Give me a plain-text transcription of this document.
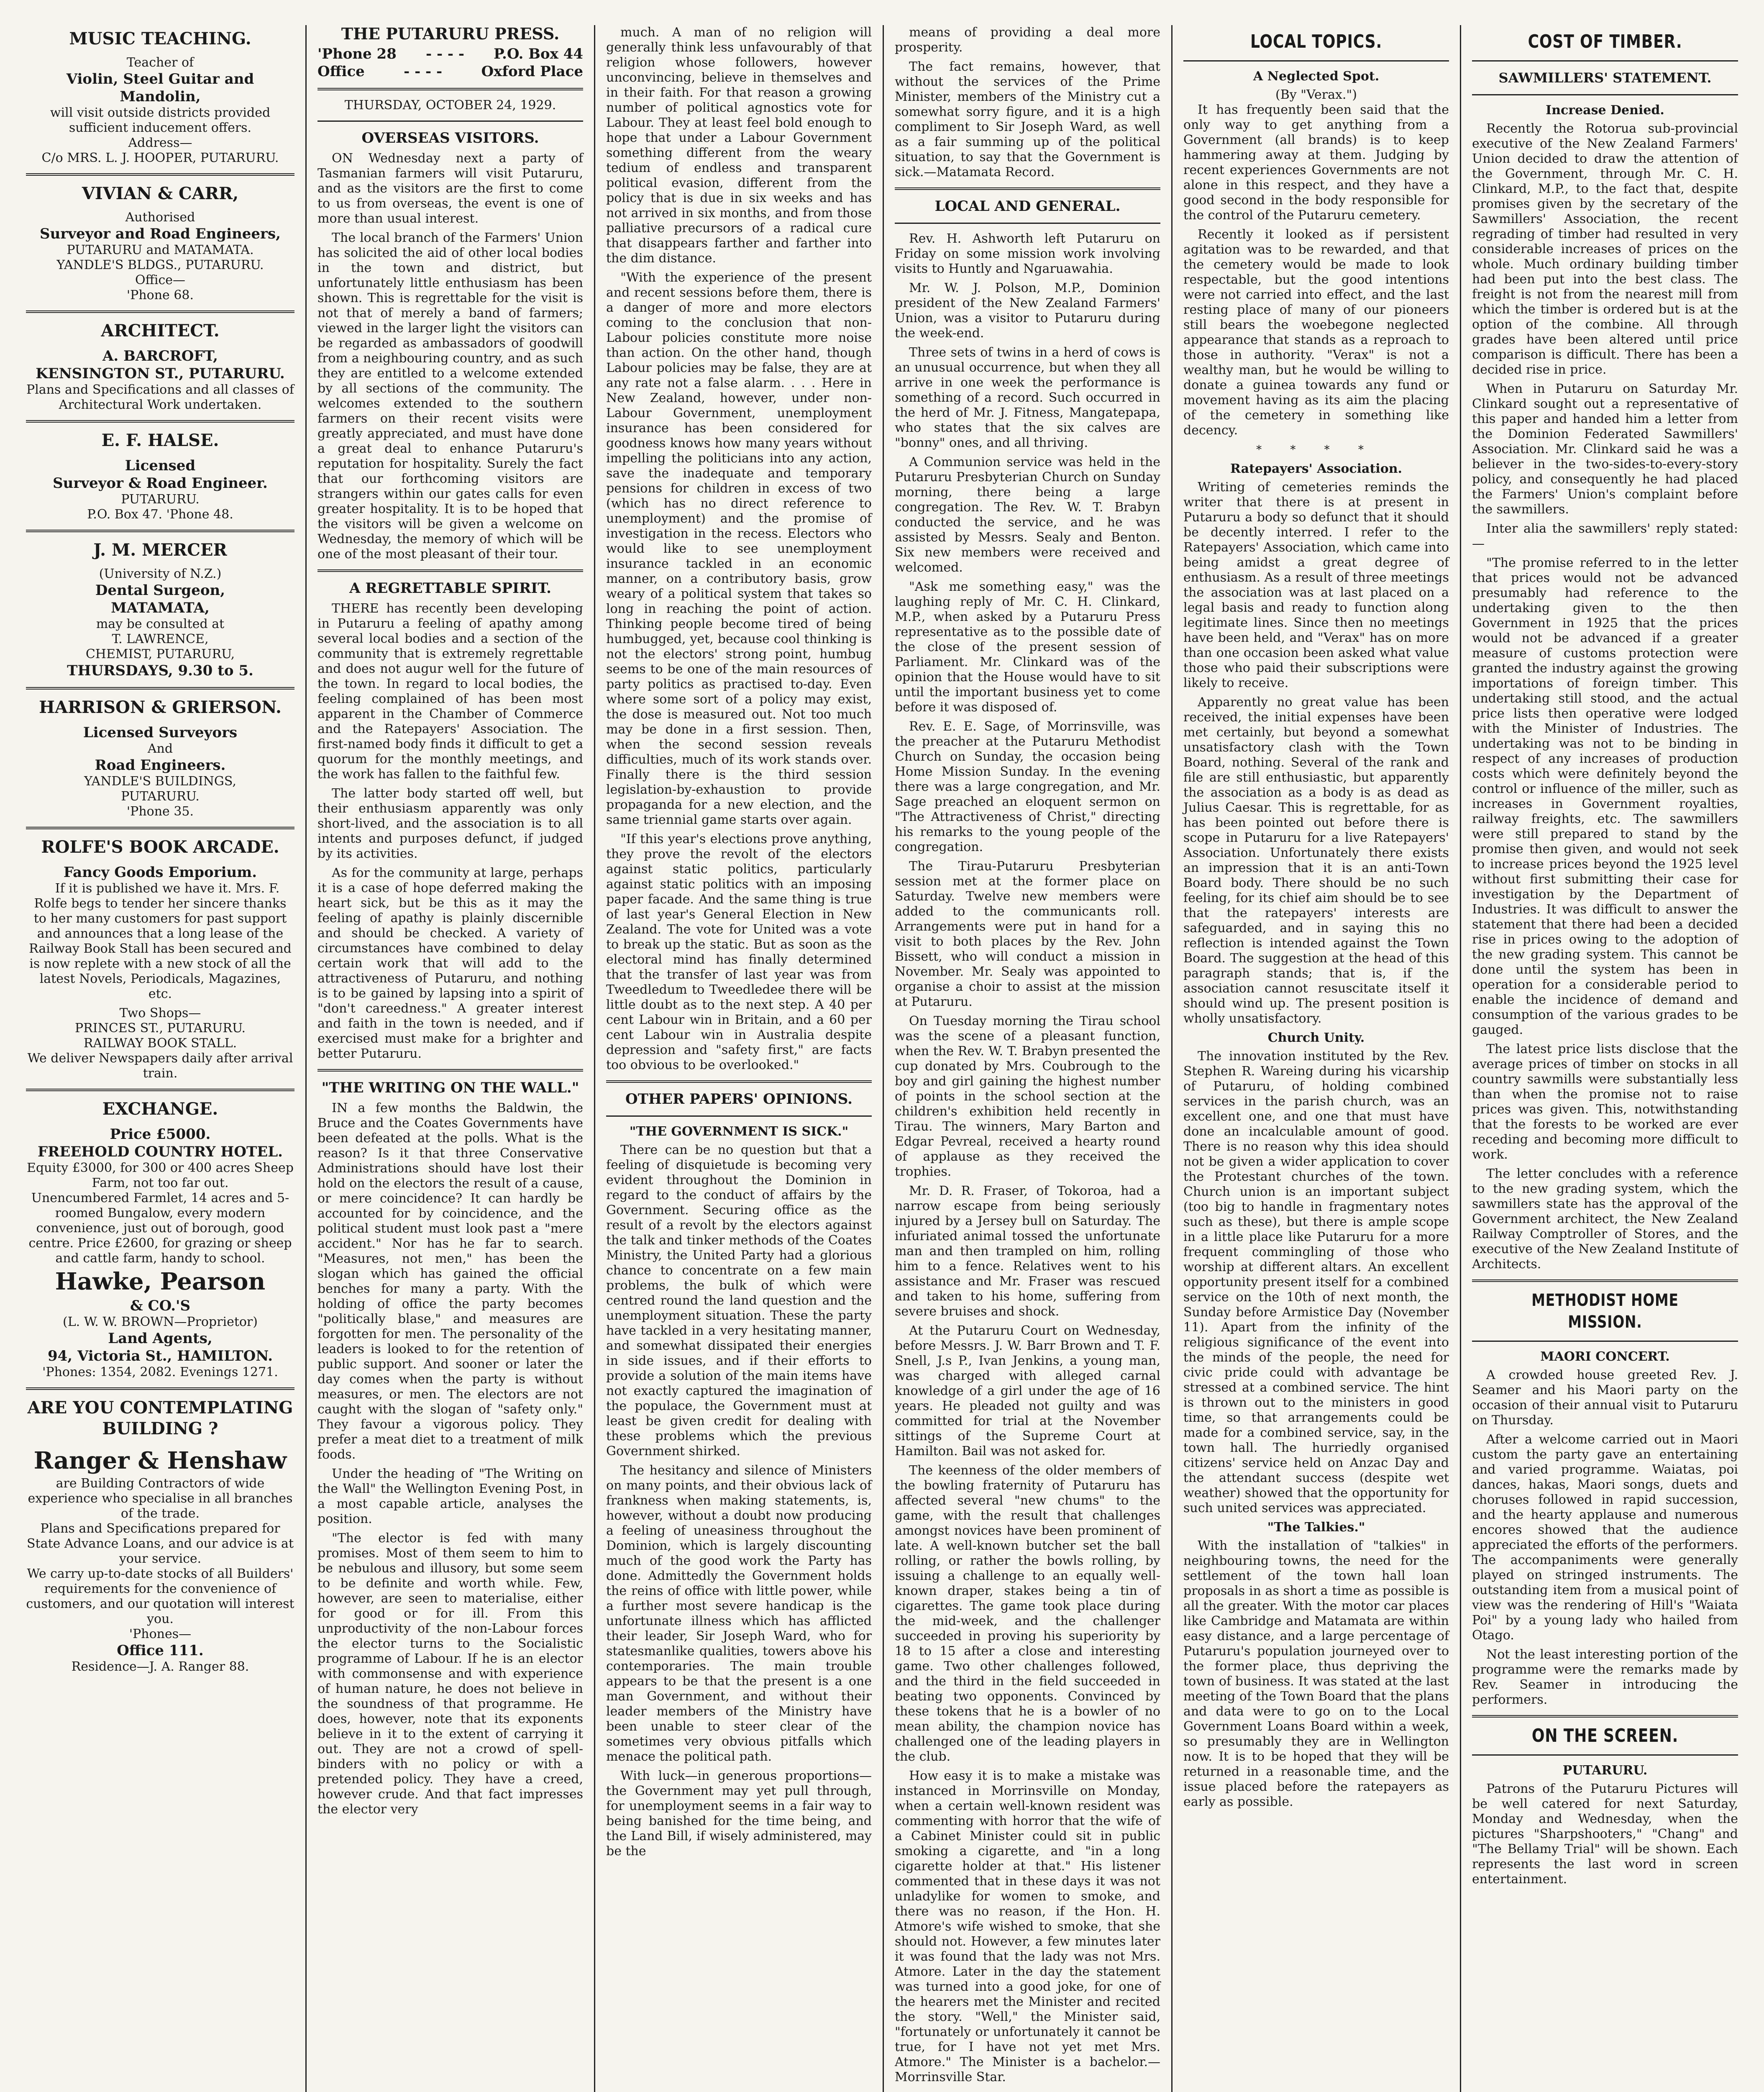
MUSIC TEACHING.
Teacher of
Violin, Steel Guitar and Mandolin,
will visit outside districts provided sufficient inducement offers.
Address—
C/o MRS. L. J. HOOPER, PUTARURU.
VIVIAN & CARR,
Authorised
Surveyor and Road Engineers,
PUTARURU and MATAMATA.
YANDLE'S BLDGS., PUTARURU.
Office—
'Phone 68.
ARCHITECT.
A. BARCROFT,
KENSINGTON ST., PUTARURU.
Plans and Specifications and all classes of Architectural Work undertaken.
E. F. HALSE.
Licensed
Surveyor & Road Engineer.
PUTARURU.
P.O. Box 47. 'Phone 48.
J. M. MERCER
(University of N.Z.)
Dental Surgeon,
MATAMATA,
may be consulted at
T. LAWRENCE,
CHEMIST, PUTARURU,
THURSDAYS, 9.30 to 5.
HARRISON & GRIERSON.
Licensed Surveyors
And
Road Engineers.
YANDLE'S BUILDINGS,
PUTARURU.
'Phone 35.
ROLFE'S BOOK ARCADE.
Fancy Goods Emporium.

If it is published we have it. Mrs. F. Rolfe begs to tender her sincere thanks to her many customers for past support and announces that a long lease of the Railway Book Stall has been secured and is now replete with a new stock of all the latest Novels, Periodicals, Magazines, etc.

Two Shops—
PRINCES ST., PUTARURU.
RAILWAY BOOK STALL.
We deliver Newspapers daily after arrival train.
EXCHANGE.
Price £5000.
FREEHOLD COUNTRY HOTEL.
Equity £3000, for 300 or 400 acres Sheep Farm, not too far out.
Unencumbered Farmlet, 14 acres and 5-roomed Bungalow, every modern convenience, just out of borough, good centre. Price £2600, for grazing or sheep and cattle farm, handy to school.
Hawke, Pearson
& CO.'S
(L. W. W. BROWN—Proprietor)
Land Agents,
94, Victoria St., HAMILTON.
'Phones: 1354, 2082. Evenings 1271.
ARE YOU CONTEMPLATING BUILDING ?
Ranger & Henshaw
are Building Contractors of wide experience who specialise in all branches of the trade.
Plans and Specifications prepared for State Advance Loans, and our advice is at your service.
We carry up-to-date stocks of all Builders' requirements for the convenience of customers, and our quotation will interest you.
'Phones—
Office 111.
Residence—J. A. Ranger 88.
THE PUTARURU PRESS.
'Phone 28 - - - - P.O. Box 44
Office	- - - -	Oxford Place
THURSDAY, OCTOBER 24, 1929.
OVERSEAS VISITORS.

ON Wednesday next a party of Tasmanian farmers will visit Putaruru, and as the visitors are the first to come to us from overseas, the event is one of more than usual interest.

The local branch of the Farmers' Union has solicited the aid of other local bodies in the town and district, but unfortunately little enthusiasm has been shown. This is regrettable for the visit is not that of merely a band of farmers; viewed in the larger light the visitors can be regarded as ambassadors of goodwill from a neighbouring country, and as such they are entitled to a welcome extended by all sections of the community. The welcomes extended to the southern farmers on their recent visits were greatly appreciated, and must have done a great deal to enhance Putaruru's reputation for hospitality. Surely the fact that our forthcoming visitors are strangers within our gates calls for even greater hospitality. It is to be hoped that the visitors will be given a welcome on Wednesday, the memory of which will be one of the most pleasant of their tour.

A REGRETTABLE SPIRIT.

THERE has recently been developing in Putaruru a feeling of apathy among several local bodies and a section of the community that is extremely regrettable and does not augur well for the future of the town. In regard to local bodies, the feeling complained of has been most apparent in the Chamber of Commerce and the Ratepayers' Association. The first-named body finds it difficult to get a quorum for the monthly meetings, and the work has fallen to the faithful few.

The latter body started off well, but their enthusiasm apparently was only short-lived, and the association is to all intents and purposes defunct, if judged by its activities.

As for the community at large, perhaps it is a case of hope deferred making the heart sick, but be this as it may the feeling of apathy is plainly discernible and should be checked. A variety of circumstances have combined to delay certain work that will add to the attractiveness of Putaruru, and nothing is to be gained by lapsing into a spirit of "don't careedness." A greater interest and faith in the town is needed, and if exercised must make for a brighter and better Putaruru.

"THE WRITING ON THE WALL."

IN a few months the Baldwin, the Bruce and the Coates Governments have been defeated at the polls. What is the reason? Is it that three Conservative Administrations should have lost their hold on the electors the result of a cause, or mere coincidence? It can hardly be accounted for by coincidence, and the political student must look past a "mere accident." Nor has he far to search. "Measures, not men," has been the slogan which has gained the official benches for many a party. With the holding of office the party becomes "politically blase," and measures are forgotten for men. The personality of the leaders is looked to for the retention of public support. And sooner or later the day comes when the party is without measures, or men. The electors are not caught with the slogan of "safety only." They favour a vigorous policy. They prefer a meat diet to a treatment of milk foods.

Under the heading of "The Writing on the Wall" the Wellington Evening Post, in a most capable article, analyses the position.

"The elector is fed with many promises. Most of them seem to him to be nebulous and illusory, but some seem to be definite and worth while. Few, however, are seen to materialise, either for good or for ill. From this unproductivity of the non-Labour forces the elector turns to the Socialistic programme of Labour. If he is an elector with commonsense and with experience of human nature, he does not believe in the soundness of that programme. He does, however, note that its exponents believe in it to the extent of carrying it out. They are not a crowd of spell-binders with no policy or with a pretended policy. They have a creed, however crude. And that fact impresses the elector very

much. A man of no religion will generally think less unfavourably of that religion whose followers, however unconvincing, believe in themselves and in their faith. For that reason a growing number of political agnostics vote for Labour. They at least feel bold enough to hope that under a Labour Government something different from the weary tedium of endless and transparent political evasion, different from the policy that is due in six weeks and has not arrived in six months, and from those palliative precursors of a radical cure that disappears farther and farther into the dim distance.

"With the experience of the present and recent sessions before them, there is a danger of more and more electors coming to the conclusion that non-Labour policies constitute more noise than action. On the other hand, though Labour policies may be false, they are at any rate not a false alarm. . . . Here in New Zealand, however, under non-Labour Government, unemployment insurance has been considered for goodness knows how many years without impelling the politicians into any action, save the inadequate and temporary pensions for children in excess of two (which has no direct reference to unemployment) and the promise of investigation in the recess. Electors who would like to see unemployment insurance tackled in an economic manner, on a contributory basis, grow weary of a political system that takes so long in reaching the point of action. Thinking people become tired of being humbugged, yet, because cool thinking is not the electors' strong point, humbug seems to be one of the main resources of party politics as practised to-day. Even where some sort of a policy may exist, the dose is measured out. Not too much may be done in a first session. Then, when the second session reveals difficulties, much of its work stands over. Finally there is the third session legislation-by-exhaustion to provide propaganda for a new election, and the same triennial game starts over again.

"If this year's elections prove anything, they prove the revolt of the electors against static politics, particularly against static politics with an imposing paper facade. And the same thing is true of last year's General Election in New Zealand. The vote for United was a vote to break up the static. But as soon as the electoral mind has finally determined that the transfer of last year was from Tweedledum to Tweedledee there will be little doubt as to the next step. A 40 per cent Labour win in Britain, and a 60 per cent Labour win in Australia despite depression and "safety first," are facts too obvious to be overlooked."

OTHER PAPERS' OPINIONS.
"THE GOVERNMENT IS SICK."

There can be no question but that a feeling of disquietude is becoming very evident throughout the Dominion in regard to the conduct of affairs by the Government. Securing office as the result of a revolt by the electors against the talk and tinker methods of the Coates Ministry, the United Party had a glorious chance to concentrate on a few main problems, the bulk of which were centred round the land question and the unemployment situation. These the party have tackled in a very hesitating manner, and somewhat dissipated their energies in side issues, and if their efforts to provide a solution of the main items have not exactly captured the imagination of the populace, the Government must at least be given credit for dealing with these problems which the previous Government shirked.

The hesitancy and silence of Ministers on many points, and their obvious lack of frankness when making statements, is, however, without a doubt now producing a feeling of uneasiness throughout the Dominion, which is largely discounting much of the good work the Party has done. Admittedly the Government holds the reins of office with little power, while a further most severe handicap is the unfortunate illness which has afflicted their leader, Sir Joseph Ward, who for statesmanlike qualities, towers above his contemporaries. The main trouble appears to be that the present is a one man Government, and without their leader members of the Ministry have been unable to steer clear of the sometimes very obvious pitfalls which menace the political path.

With luck—in generous proportions—the Government may yet pull through, for unemployment seems in a fair way to being banished for the time being, and the Land Bill, if wisely administered, may be the

means of providing a deal more prosperity.

The fact remains, however, that without the services of the Prime Minister, members of the Ministry cut a somewhat sorry figure, and it is a high compliment to Sir Joseph Ward, as well as a fair summing up of the political situation, to say that the Government is sick.—Matamata Record.

LOCAL AND GENERAL.

Rev. H. Ashworth left Putaruru on Friday on some mission work involving visits to Huntly and Ngaruawahia.

Mr. W. J. Polson, M.P., Dominion president of the New Zealand Farmers' Union, was a visitor to Putaruru during the week-end.

Three sets of twins in a herd of cows is an unusual occurrence, but when they all arrive in one week the performance is something of a record. Such occurred in the herd of Mr. J. Fitness, Mangatepapa, who states that the six calves are "bonny" ones, and all thriving.

A Communion service was held in the Putaruru Presbyterian Church on Sunday morning, there being a large congregation. The Rev. W. T. Brabyn conducted the service, and he was assisted by Messrs. Sealy and Benton. Six new members were received and welcomed.

"Ask me something easy," was the laughing reply of Mr. C. H. Clinkard, M.P., when asked by a Putaruru Press representative as to the possible date of the close of the present session of Parliament. Mr. Clinkard was of the opinion that the House would have to sit until the important business yet to come before it was disposed of.

Rev. E. E. Sage, of Morrinsville, was the preacher at the Putaruru Methodist Church on Sunday, the occasion being Home Mission Sunday. In the evening there was a large congregation, and Mr. Sage preached an eloquent sermon on "The Attractiveness of Christ," directing his remarks to the young people of the congregation.

The Tirau-Putaruru Presbyterian session met at the former place on Saturday. Twelve new members were added to the communicants roll. Arrangements were put in hand for a visit to both places by the Rev. John Bissett, who will conduct a mission in November. Mr. Sealy was appointed to organise a choir to assist at the mission at Putaruru.

On Tuesday morning the Tirau school was the scene of a pleasant function, when the Rev. W. T. Brabyn presented the cup donated by Mrs. Coubrough to the boy and girl gaining the highest number of points in the school section at the children's exhibition held recently in Tirau. The winners, Mary Barton and Edgar Pevreal, received a hearty round of applause as they received the trophies.

Mr. D. R. Fraser, of Tokoroa, had a narrow escape from being seriously injured by a Jersey bull on Saturday. The infuriated animal tossed the unfortunate man and then trampled on him, rolling him to a fence. Relatives went to his assistance and Mr. Fraser was rescued and taken to his home, suffering from severe bruises and shock.

At the Putaruru Court on Wednesday, before Messrs. J. W. Barr Brown and T. F. Snell, J.s P., Ivan Jenkins, a young man, was charged with alleged carnal knowledge of a girl under the age of 16 years. He pleaded not guilty and was committed for trial at the November sittings of the Supreme Court at Hamilton. Bail was not asked for.

The keenness of the older members of the bowling fraternity of Putaruru has affected several "new chums" to the game, with the result that challenges amongst novices have been prominent of late. A well-known butcher set the ball rolling, or rather the bowls rolling, by issuing a challenge to an equally well-known draper, stakes being a tin of cigarettes. The game took place during the mid-week, and the challenger succeeded in proving his superiority by 18 to 15 after a close and interesting game. Two other challenges followed, and the third in the field succeeded in beating two opponents. Convinced by these tokens that he is a bowler of no mean ability, the champion novice has challenged one of the leading players in the club.

How easy it is to make a mistake was instanced in Morrinsville on Monday, when a certain well-known resident was commenting with horror that the wife of a Cabinet Minister could sit in public smoking a cigarette, and "in a long cigarette holder at that." His listener commented that in these days it was not unladylike for women to smoke, and there was no reason, if the Hon. H. Atmore's wife wished to smoke, that she should not. However, a few minutes later it was found that the lady was not Mrs. Atmore. Later in the day the statement was turned into a good joke, for one of the hearers met the Minister and recited the story. "Well," the Minister said, "fortunately or unfortunately it cannot be true, for I have not yet met Mrs. Atmore." The Minister is a bachelor.—Morrinsville Star.

LOCAL TOPICS.
A Neglected Spot.
(By "Verax.")

It has frequently been said that the only way to get anything from a Government (all brands) is to keep hammering away at them. Judging by recent experiences Governments are not alone in this respect, and they have a good second in the body responsible for the control of the Putaruru cemetery.

Recently it looked as if persistent agitation was to be rewarded, and that the cemetery would be made to look respectable, but the good intentions were not carried into effect, and the last resting place of many of our pioneers still bears the woebegone neglected appearance that stands as a reproach to those in authority. "Verax" is not a wealthy man, but he would be willing to donate a guinea towards any fund or movement having as its aim the placing of the cemetery in something like decency.

* * * *
Ratepayers' Association.

Writing of cemeteries reminds the writer that there is at present in Putaruru a body so defunct that it should be decently interred. I refer to the Ratepayers' Association, which came into being amidst a great degree of enthusiasm. As a result of three meetings the association was at last placed on a legal basis and ready to function along legitimate lines. Since then no meetings have been held, and "Verax" has on more than one occasion been asked what value those who paid their subscriptions were likely to receive.

Apparently no great value has been received, the initial expenses have been met certainly, but beyond a somewhat unsatisfactory clash with the Town Board, nothing. Several of the rank and file are still enthusiastic, but apparently the association as a body is as dead as Julius Caesar. This is regrettable, for as has been pointed out before there is scope in Putaruru for a live Ratepayers' Association. Unfortunately there exists an impression that it is an anti-Town Board body. There should be no such feeling, for its chief aim should be to see that the ratepayers' interests are safeguarded, and in saying this no reflection is intended against the Town Board. The suggestion at the head of this paragraph stands; that is, if the association cannot resuscitate itself it should wind up. The present position is wholly unsatisfactory.

Church Unity.

The innovation instituted by the Rev. Stephen R. Wareing during his vicarship of Putaruru, of holding combined services in the parish church, was an excellent one, and one that must have done an incalculable amount of good. There is no reason why this idea should not be given a wider application to cover the Protestant churches of the town. Church union is an important subject (too big to handle in fragmentary notes such as these), but there is ample scope in a little place like Putaruru for a more frequent commingling of those who worship at different altars. An excellent opportunity present itself for a combined service on the 10th of next month, the Sunday before Armistice Day (November 11). Apart from the infinity of the religious significance of the event into the minds of the people, the need for civic pride could with advantage be stressed at a combined service. The hint is thrown out to the ministers in good time, so that arrangements could be made for a combined service, say, in the town hall. The hurriedly organised citizens' service held on Anzac Day and the attendant success (despite wet weather) showed that the opportunity for such united services was appreciated.

"The Talkies."

With the installation of "talkies" in neighbouring towns, the need for the settlement of the town hall loan proposals in as short a time as possible is all the greater. With the motor car places like Cambridge and Matamata are within easy distance, and a large percentage of Putaruru's population journeyed over to the former place, thus depriving the town of business. It was stated at the last meeting of the Town Board that the plans and data were to go on to the Local Government Loans Board within a week, so presumably they are in Wellington now. It is to be hoped that they will be returned in a reasonable time, and the issue placed before the ratepayers as early as possible.

COST OF TIMBER.
SAWMILLERS' STATEMENT.
Increase Denied.

Recently the Rotorua sub-provincial executive of the New Zealand Farmers' Union decided to draw the attention of the Government, through Mr. C. H. Clinkard, M.P., to the fact that, despite promises given by the secretary of the Sawmillers' Association, the recent regrading of timber had resulted in very considerable increases of prices on the whole. Much ordinary building timber had been put into the best class. The freight is not from the nearest mill from which the timber is ordered but is at the option of the combine. All through grades have been altered until price comparison is difficult. There has been a decided rise in price.

When in Putaruru on Saturday Mr. Clinkard sought out a representative of this paper and handed him a letter from the Dominion Federated Sawmillers' Association. Mr. Clinkard said he was a believer in the two-sides-to-every-story policy, and consequently he had placed the Farmers' Union's complaint before the sawmillers.

Inter alia the sawmillers' reply stated:—

"The promise referred to in the letter that prices would not be advanced presumably had reference to the undertaking given to the then Government in 1925 that the prices would not be advanced if a greater measure of customs protection were granted the industry against the growing importations of foreign timber. This undertaking still stood, and the actual price lists then operative were lodged with the Minister of Industries. The undertaking was not to be binding in respect of any increases of production costs which were definitely beyond the control or influence of the miller, such as increases in Government royalties, railway freights, etc. The sawmillers were still prepared to stand by the promise then given, and would not seek to increase prices beyond the 1925 level without first submitting their case for investigation by the Department of Industries. It was difficult to answer the statement that there had been a decided rise in prices owing to the adoption of the new grading system. This cannot be done until the system has been in operation for a considerable period to enable the incidence of demand and consumption of the various grades to be gauged.

The latest price lists disclose that the average prices of timber on stocks in all country sawmills were substantially less than when the promise not to raise prices was given. This, notwithstanding that the forests to be worked are ever receding and becoming more difficult to work.

The letter concludes with a reference to the new grading system, which the sawmillers state has the approval of the Government architect, the New Zealand Railway Comptroller of Stores, and the executive of the New Zealand Institute of Architects.

METHODIST HOME MISSION.
MAORI CONCERT.

A crowded house greeted Rev. J. Seamer and his Maori party on the occasion of their annual visit to Putaruru on Thursday.

After a welcome carried out in Maori custom the party gave an entertaining and varied programme. Waiatas, poi dances, hakas, Maori songs, duets and choruses followed in rapid succession, and the hearty applause and numerous encores showed that the audience appreciated the efforts of the performers. The accompaniments were generally played on stringed instruments. The outstanding item from a musical point of view was the rendering of Hill's "Waiata Poi" by a young lady who hailed from Otago.

Not the least interesting portion of the programme were the remarks made by Rev. Seamer in introducing the performers.

ON THE SCREEN.
PUTARURU.

Patrons of the Putaruru Pictures will be well catered for next Saturday, Monday and Wednesday, when the pictures "Sharpshooters," "Chang" and "The Bellamy Trial" will be shown. Each represents the last word in screen entertainment.
